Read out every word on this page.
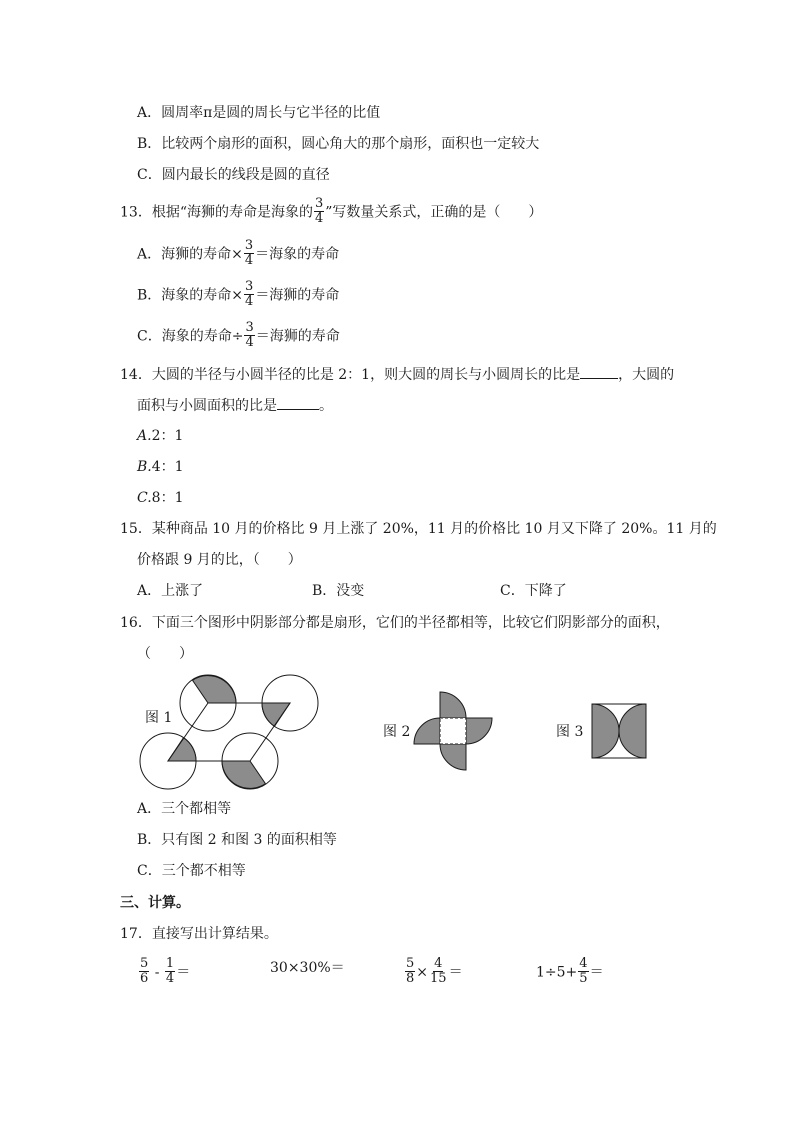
A．圆周率π是圆的周长与它半径的比值
B．比较两个扇形的面积，圆心角大的那个扇形，面积也一定较大
C．圆内最长的线段是圆的直径
13．根据“海狮的寿命是海象的 $\frac{3}{4}$ ”写数量关系式，正确的是（　　）
A．海狮的寿命× $\frac{3}{4}$ ＝海象的寿命
B．海象的寿命× $\frac{3}{4}$ ＝海狮的寿命
C．海象的寿命÷ $\frac{3}{4}$ ＝海狮的寿命
14．大圆的半径与小圆半径的比是 2：1，则大圆的周长与小圆周长的比是	，大圆的
面积与小圆面积的比是	。
A.2：1
B.4：1
C.8：1
15．某种商品 10 月的价格比 9 月上涨了 20%，11 月的价格比 10 月又下降了 20%。11 月的
价格跟 9 月的比，（　　）
A．上涨了	B．没变	C．下降了
16．下面三个图形中阴影部分都是扇形，它们的半径都相等，比较它们阴影部分的面积，
（　　）
图 1
图 2	图 3
A．三个都相等
B．只有图 2 和图 3 的面积相等
C．三个都不相等
三、计算。
17．直接写出计算结果。
$\frac{5}{6} - \frac{1}{4}$ ＝	30×30%＝	$\frac{5}{8} \times \frac{4}{15}$ ＝	$1\div 5+ \frac{4}{5}$ ＝
